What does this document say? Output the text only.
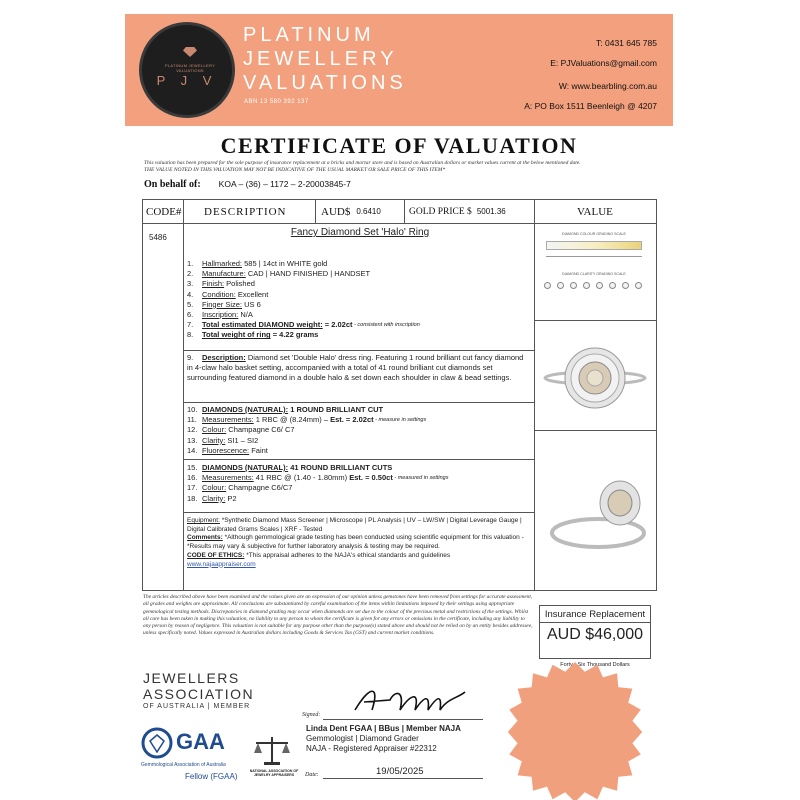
PLATINUM JEWELLERY VALUATIONS
P J V
PLATINUM
JEWELLERY
VALUATIONS
ABN 13 580 392 137
T: 0431 645 785
E: PJValuations@gmail.com
W: www.bearbling.com.au
A: PO Box 1511 Beenleigh @ 4207
CERTIFICATE OF VALUATION
This valuation has been prepared for the sole purpose of insurance replacement at a bricks and mortar store and is based on Australian dollars or market values current at the below mentioned date.
THE VALUE NOTED IN THIS VALUATION MAY NOT BE INDICATIVE OF THE USUAL MARKET OR SALE PRICE OF THIS ITEM*
On behalf of: KOA – (36) – 1172 – 2-20003845-7
CODE# DESCRIPTION	AUD$ 0.6410	GOLD PRICE $ 5001.36	VALUE
5486	Fancy Diamond Set 'Halo' Ring
1.	Hallmarked: 585 | 14ct in WHITE gold
2.	Manufacture: CAD | HAND FINISHED | HANDSET
3.	Finish: Polished
4.	Condition: Excellent
5.	Finger Size: US 6
6.	Inscription: N/A
7.	Total estimated DIAMOND weight: = 2.02ct - consistent with inscription
8.	Total weight of ring = 4.22 grams
9. Description: Diamond set 'Double Halo' dress ring. Featuring 1 round brilliant cut fancy diamond in 4-claw halo basket setting, accompanied with a total of 41 round brilliant cut diamonds set surrounding featured diamond in a double halo & set down each shoulder in claw & bead settings.
10. DIAMONDS (NATURAL): 1 ROUND BRILLIANT CUT
11. Measurements: 1 RBC @ (8.24mm) – Est. = 2.02ct - measure in settings
12. Colour: Champagne C6/ C7
13. Clarity: SI1 – SI2
14. Fluorescence: Faint
15. DIAMONDS (NATURAL): 41 ROUND BRILLIANT CUTS
16. Measurements: 41 RBC @ (1.40 - 1.80mm) Est. = 0.50ct - measured in settings
17. Colour: Champagne C6/C7
18. Clarity: P2
Equipment: *Synthetic Diamond Mass Screener | Microscope | PL Analysis | UV – LW/SW | Digital Leverage Gauge | Digital Calibrated Grams Scales | XRF - Tested
Comments: *Although gemmological grade testing has been conducted using scientific equipment for this valuation - *Results may vary & subjective for further laboratory analysis & testing may be required.
CODE OF ETHICS: *This appraisal adheres to the NAJA's ethical standards and guidelines
www.najaappraiser.com
DIAMOND COLOUR GRADING SCALE
DIAMOND CLARITY GRADING SCALE
The articles described above have been examined and the values given are an expression of our opinion unless gemstones have been removed from settings for accurate assessment, all grades and weights are approximate. All conclusions are substantiated by careful examination of the items within limitations imposed by their settings using appropriate gemmological testing methods. Discrepancies in diamond grading may occur when diamonds are set due to the colour of the precious metal and restrictions of the settings. Whilst all care has been taken in making this valuation, no liability to any person to whom the certificate is given for any errors or omissions in the certificate, including any liability to any person by reason of negligence. This valuation is not suitable for any purpose other than the purpose(s) stated above and should not be relied on by an entity besides addressee, unless specifically noted. Values expressed in Australian dollars including Goods & Services Tax (GST) and current market conditions.
Insurance Replacement
AUD $46,000
Forty - Six Thousand Dollars
JEWELLERS
ASSOCIATION
OF AUSTRALIA | MEMBER
GAA
Gemmological Association of Australia
Fellow (FGAA)
NATIONAL ASSOCIATION OF JEWELRY APPRAISERS
Signed:
Linda Dent FGAA | BBus | Member NAJA
Gemmologist | Diamond Grader
NAJA - Registered Appraiser #22312
Date:	19/05/2025
